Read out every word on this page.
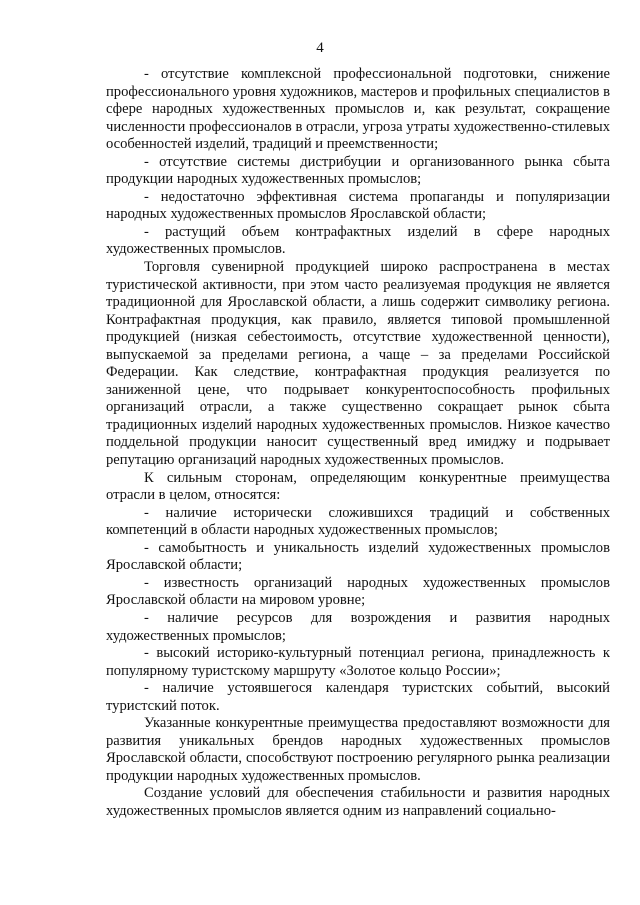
4

- отсутствие комплексной профессиональной подготовки, снижение профессионального уровня художников, мастеров и профильных специалистов в сфере народных художественных промыслов и, как результат, сокращение численности профессионалов в отрасли, угроза утраты художественно-стилевых особенностей изделий, традиций и преемственности;

- отсутствие системы дистрибуции и организованного рынка сбыта продукции народных художественных промыслов;

- недостаточно эффективная система пропаганды и популяризации народных художественных промыслов Ярославской области;

- растущий объем контрафактных изделий в сфере народных художественных промыслов.

Торговля сувенирной продукцией широко распространена в местах туристической активности, при этом часто реализуемая продукция не является традиционной для Ярославской области, а лишь содержит символику региона. Контрафактная продукция, как правило, является типовой промышленной продукцией (низкая себестоимость, отсутствие художественной ценности), выпускаемой за пределами региона, а чаще – за пределами Российской Федерации. Как следствие, контрафактная продукция реализуется по заниженной цене, что подрывает конкурентоспособность профильных организаций отрасли, а также существенно сокращает рынок сбыта традиционных изделий народных художественных промыслов. Низкое качество поддельной продукции наносит существенный вред имиджу и подрывает репутацию организаций народных художественных промыслов.

К сильным сторонам, определяющим конкурентные преимущества отрасли в целом, относятся:

- наличие исторически сложившихся традиций и собственных компетенций в области народных художественных промыслов;

- самобытность и уникальность изделий художественных промыслов Ярославской области;

- известность организаций народных художественных промыслов Ярославской области на мировом уровне;

- наличие ресурсов для возрождения и развития народных художественных промыслов;

- высокий историко-культурный потенциал региона, принадлежность к популярному туристскому маршруту «Золотое кольцо России»;

- наличие устоявшегося календаря туристских событий, высокий туристский поток.

Указанные конкурентные преимущества предоставляют возможности для развития уникальных брендов народных художественных промыслов Ярославской области, способствуют построению регулярного рынка реализации продукции народных художественных промыслов.

Создание условий для обеспечения стабильности и развития народных художественных промыслов является одним из направлений социально-
